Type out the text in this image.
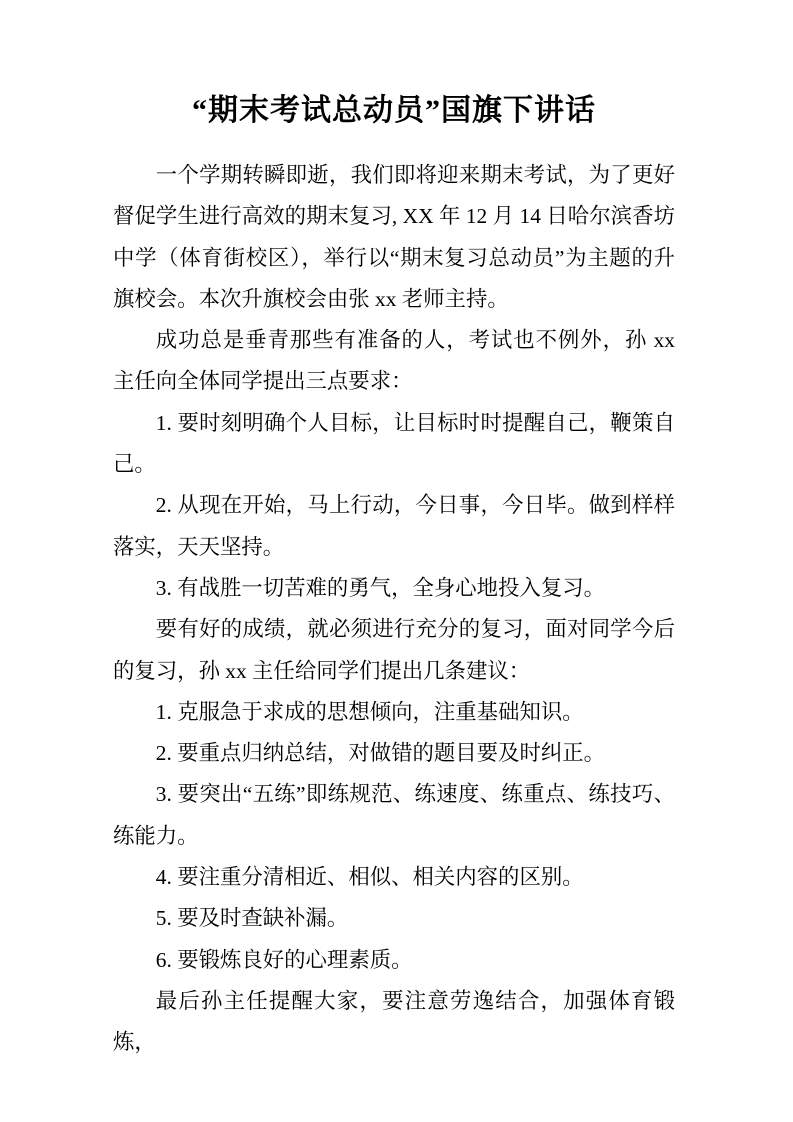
“期末考试总动员”国旗下讲话

一个学期转瞬即逝，我们即将迎来期末考试，为了更好督促学生进行高效的期末复习, XX 年 12 月 14 日哈尔滨香坊中学（体育街校区），举行以“期末复习总动员”为主题的升旗校会。本次升旗校会由张 xx 老师主持。

成功总是垂青那些有准备的人，考试也不例外，孙 xx 主任向全体同学提出三点要求：

1. 要时刻明确个人目标，让目标时时提醒自己，鞭策自己。

2. 从现在开始，马上行动，今日事，今日毕。做到样样落实，天天坚持。

3. 有战胜一切苦难的勇气，全身心地投入复习。

要有好的成绩，就必须进行充分的复习，面对同学今后的复习，孙 xx 主任给同学们提出几条建议：

1. 克服急于求成的思想倾向，注重基础知识。

2. 要重点归纳总结，对做错的题目要及时纠正。

3. 要突出“五练”即练规范、练速度、练重点、练技巧、练能力。

4. 要注重分清相近、相似、相关内容的区别。

5. 要及时查缺补漏。

6. 要锻炼良好的心理素质。

最后孙主任提醒大家，要注意劳逸结合，加强体育锻炼，
